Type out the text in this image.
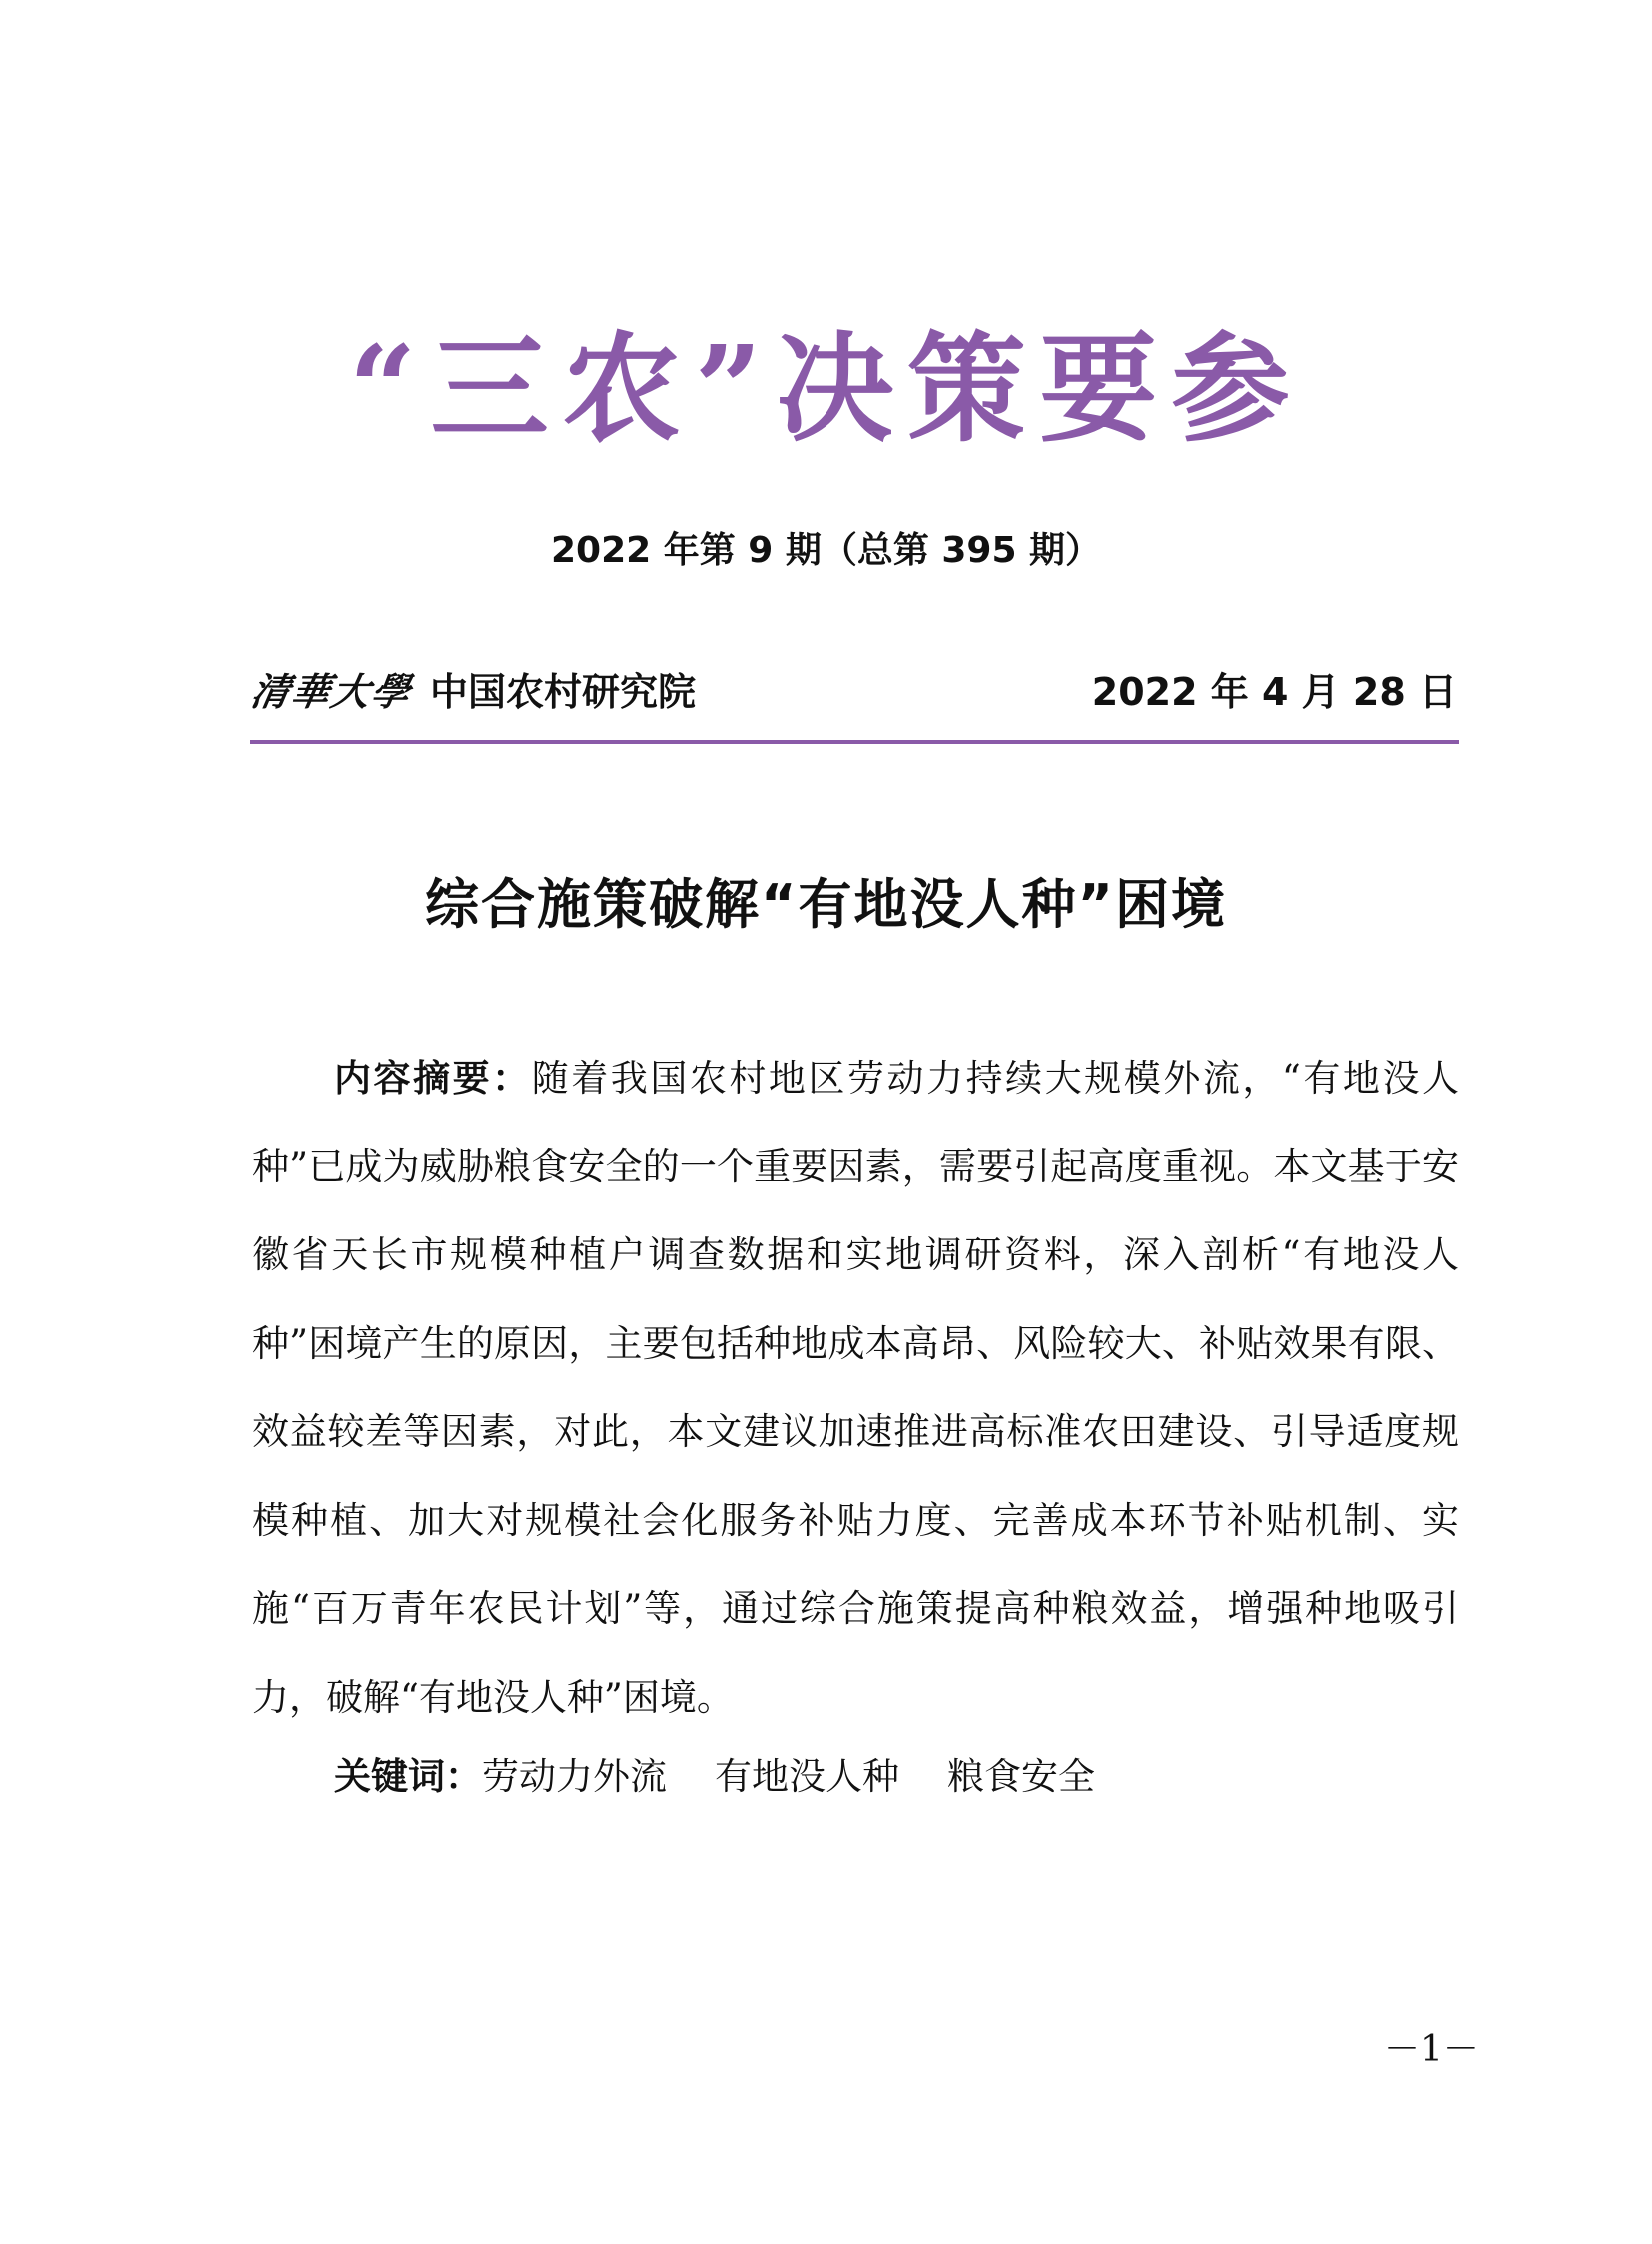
“三农”决策要参
2022 年第 9 期（总第 395 期）
清華大學 中国农村研究院	2022 年 4 月 28 日
综合施策破解“有地没人种”困境
内容摘要：随着我国农村地区劳动力持续大规模外流，“有地没人种”已成为威胁粮食安全的一个重要因素，需要引起高度重视。本文基于安徽省天长市规模种植户调查数据和实地调研资料，深入剖析“有地没人种”困境产生的原因，主要包括种地成本高昂、风险较大、补贴效果有限、效益较差等因素，对此，本文建议加速推进高标准农田建设、引导适度规模种植、加大对规模社会化服务补贴力度、完善成本环节补贴机制、实施“百万青年农民计划”等，通过综合施策提高种粮效益，增强种地吸引力，破解“有地没人种”困境。
关键词： 劳动力外流 有地没人种 粮食安全
－1－
